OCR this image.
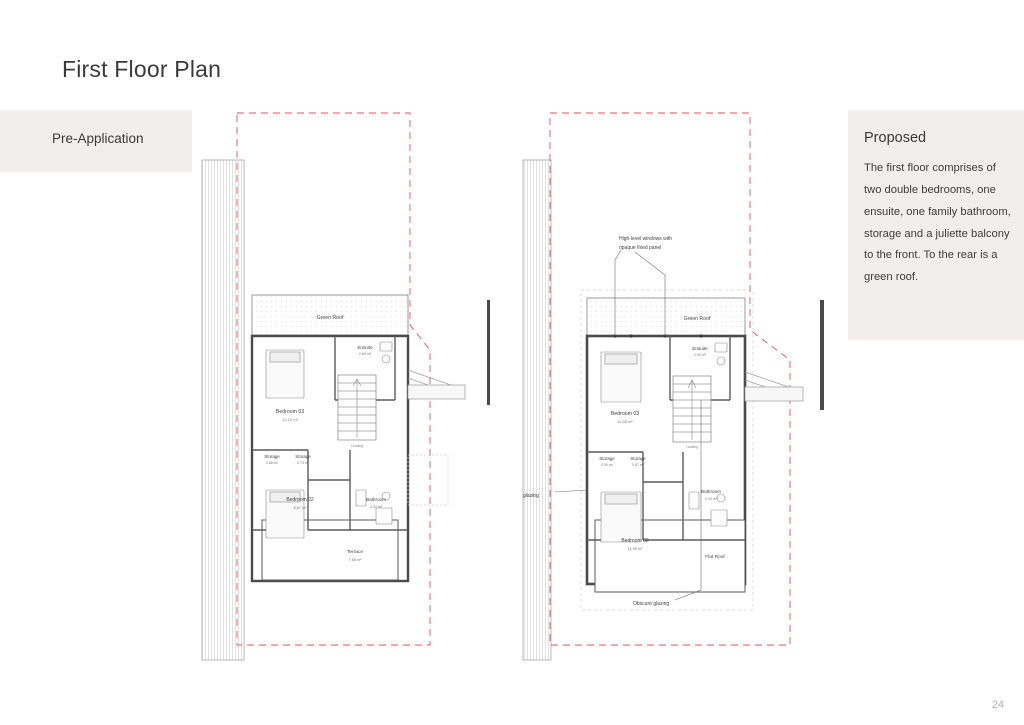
First Floor Plan
Pre-Application	Proposed
The first floor comprises of two double bedrooms, one ensuite, one family bathroom, storage and a juliette balcony to the front. To the rear is a green roof.
Green Roof
Ensuite
2.60 m²
Bedroom 03
12.12 m²
Storage
0.86 m²
Storage
0.73 m²
Bedroom 02
8.67 m²
Bathroom
4.32 m²
Terrace
7.88 m²
Landing
Green Roof
High-level windows with
opaque fixed panel
Obscure glazing
glazing
Ensuite
2.93 m²
Bedroom 03
11.89 m²
Storage
0.90 m²
Storage
0.87 m²
Bedroom 02
11.95 m²
Bathroom
4.33 m²
Flat Roof
Landing
24
